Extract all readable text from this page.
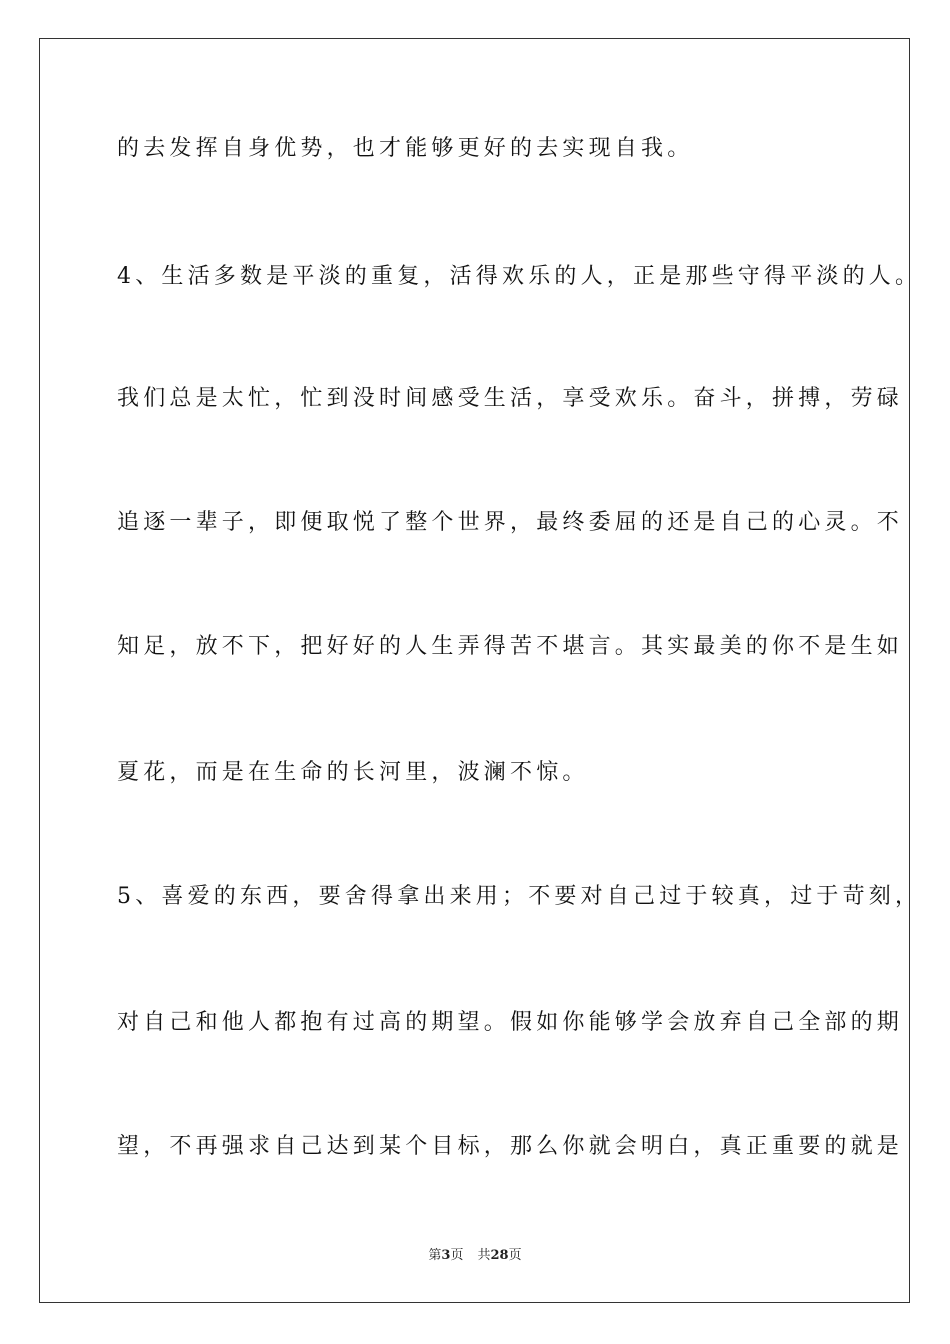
的去发挥自身优势，也才能够更好的去实现自我。
4、生活多数是平淡的重复，活得欢乐的人，正是那些守得平淡的人。
我们总是太忙，忙到没时间感受生活，享受欢乐。奋斗，拼搏，劳碌
追逐一辈子，即便取悦了整个世界，最终委屈的还是自己的心灵。不
知足，放不下，把好好的人生弄得苦不堪言。其实最美的你不是生如
夏花，而是在生命的长河里，波澜不惊。
5、喜爱的东西，要舍得拿出来用；不要对自己过于较真，过于苛刻，
对自己和他人都抱有过高的期望。假如你能够学会放弃自己全部的期
望，不再强求自己达到某个目标，那么你就会明白，真正重要的就是
第3页 共28页
